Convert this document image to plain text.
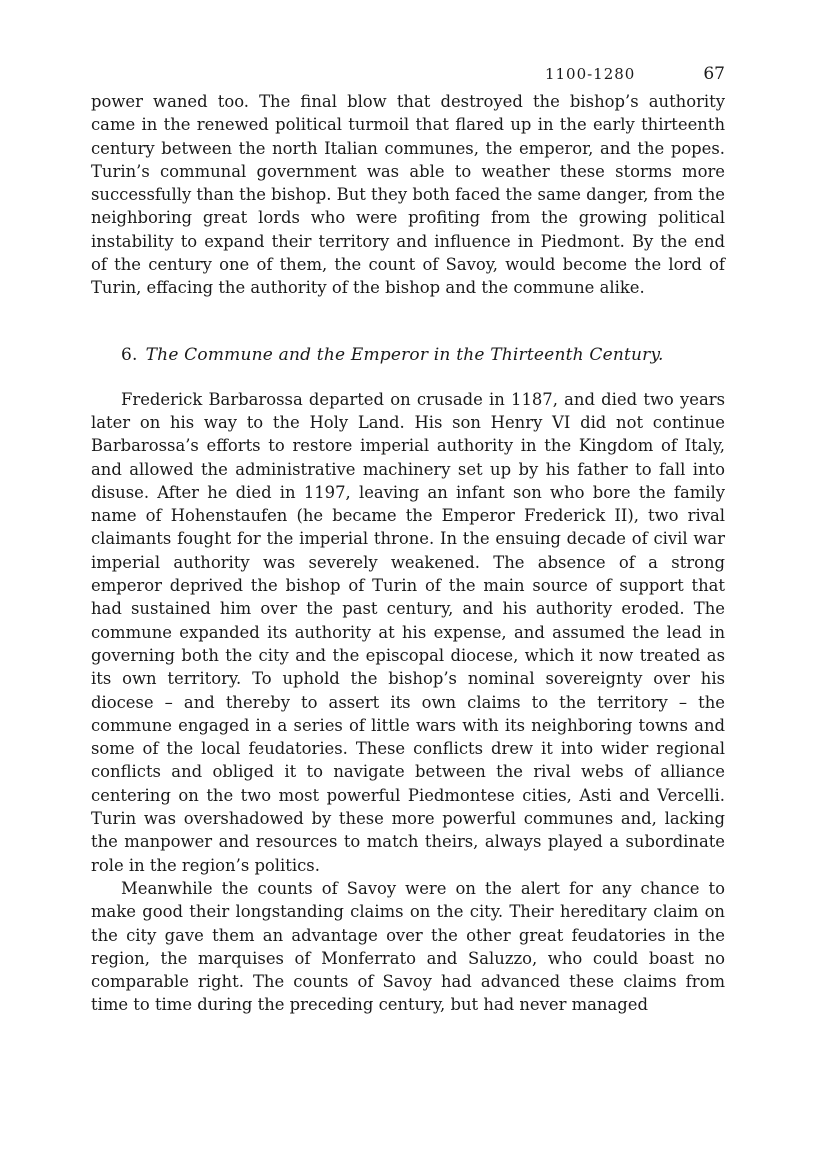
1100-1280	67

power waned too. The final blow that destroyed the bishop’s authority came in the renewed political turmoil that flared up in the early thirteenth century between the north Italian communes, the emperor, and the popes. Turin’s communal government was able to weather these storms more successfully than the bishop. But they both faced the same danger, from the neighboring great lords who were profiting from the growing political instability to expand their territory and influence in Piedmont. By the end of the century one of them, the count of Savoy, would become the lord of Turin, effacing the authority of the bishop and the commune alike.

6. The Commune and the Emperor in the Thirteenth Century.

Frederick Barbarossa departed on crusade in 1187, and died two years later on his way to the Holy Land. His son Henry VI did not continue Barbarossa’s efforts to restore imperial authority in the Kingdom of Italy, and allowed the administrative machinery set up by his father to fall into disuse. After he died in 1197, leaving an infant son who bore the family name of Hohenstaufen (he became the Emperor Frederick II), two rival claimants fought for the imperial throne. In the ensuing decade of civil war imperial authority was severely weakened. The absence of a strong emperor deprived the bishop of Turin of the main source of support that had sustained him over the past century, and his authority eroded. The commune expanded its authority at his expense, and assumed the lead in governing both the city and the episcopal diocese, which it now treated as its own territory. To uphold the bishop’s nominal sovereignty over his diocese – and thereby to assert its own claims to the territory – the commune engaged in a series of little wars with its neighboring towns and some of the local feudatories. These conflicts drew it into wider regional conflicts and obliged it to navigate between the rival webs of alliance centering on the two most powerful Piedmontese cities, Asti and Vercelli. Turin was overshadowed by these more powerful communes and, lacking the manpower and resources to match theirs, always played a subordinate role in the region’s politics.

Meanwhile the counts of Savoy were on the alert for any chance to make good their longstanding claims on the city. Their hereditary claim on the city gave them an advantage over the other great feudatories in the region, the marquises of Monferrato and Saluzzo, who could boast no comparable right. The counts of Savoy had advanced these claims from time to time during the preceding century, but had never managed
